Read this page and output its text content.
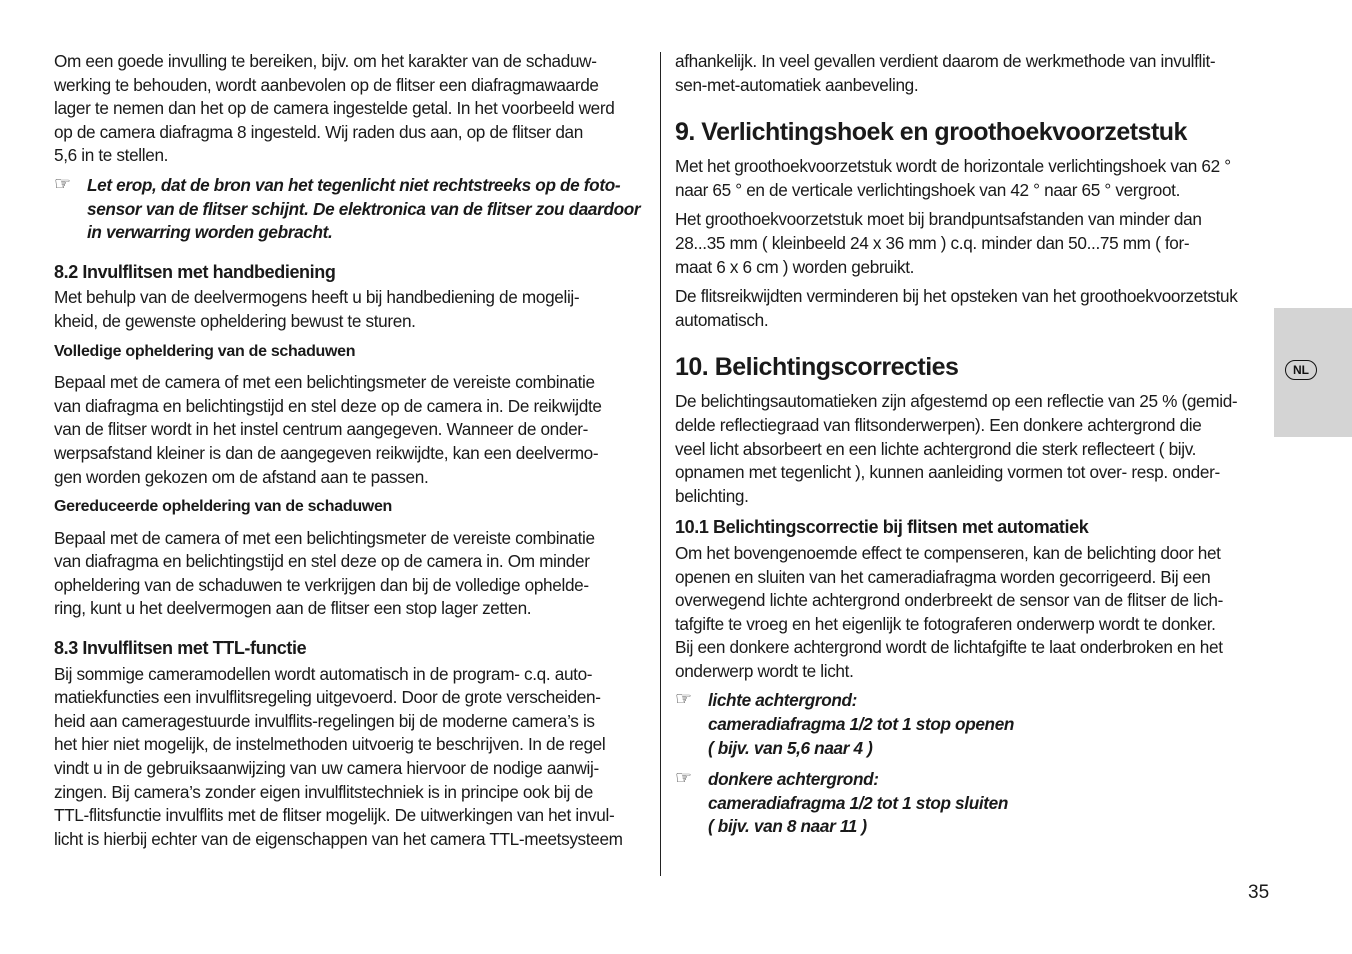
NL

Om een goede invulling te bereiken, bijv. om het karakter van de schaduw-
werking te behouden, wordt aanbevolen op de flitser een diafragmawaarde
lager te nemen dan het op de camera ingestelde getal. In het voorbeeld werd
op de camera diafragma 8 ingesteld. Wij raden dus aan, op de flitser dan
5,6 in te stellen.

☞ Let erop, dat de bron van het tegenlicht niet rechtstreeks op de foto-
sensor van de flitser schijnt. De elektronica van de flitser zou daardoor
in verwarring worden gebracht.
8.2 Invulflitsen met handbediening

Met behulp van de deelvermogens heeft u bij handbediening de mogelij-
kheid, de gewenste opheldering bewust te sturen.

Volledige opheldering van de schaduwen

Bepaal met de camera of met een belichtingsmeter de vereiste combinatie
van diafragma en belichtingstijd en stel deze op de camera in. De reikwijdte
van de flitser wordt in het instel centrum aangegeven. Wanneer de onder-
werpsafstand kleiner is dan de aangegeven reikwijdte, kan een deelvermo-
gen worden gekozen om de afstand aan te passen.

Gereduceerde opheldering van de schaduwen

Bepaal met de camera of met een belichtingsmeter de vereiste combinatie
van diafragma en belichtingstijd en stel deze op de camera in. Om minder
opheldering van de schaduwen te verkrijgen dan bij de volledige ophelde-
ring, kunt u het deelvermogen aan de flitser een stop lager zetten.

8.3 Invulflitsen met TTL-functie

Bij sommige cameramodellen wordt automatisch in de program- c.q. auto-
matiekfuncties een invulflitsregeling uitgevoerd. Door de grote verscheiden-
heid aan cameragestuurde invulflits-regelingen bij de moderne camera’s is
het hier niet mogelijk, de instelmethoden uitvoerig te beschrijven. In de regel
vindt u in de gebruiksaanwijzing van uw camera hiervoor de nodige aanwij-
zingen. Bij camera’s zonder eigen invulflitstechniek is in principe ook bij de
TTL-flitsfunctie invulflits met de flitser mogelijk. De uitwerkingen van het invul-
licht is hierbij echter van de eigenschappen van het camera TTL-meetsysteem

afhankelijk. In veel gevallen verdient daarom de werkmethode van invulflit-
sen-met-automatiek aanbeveling.

9. Verlichtingshoek en groothoekvoorzetstuk

Met het groothoekvoorzetstuk wordt de horizontale verlichtingshoek van 62 °
naar 65 ° en de verticale verlichtingshoek van 42 ° naar 65 ° vergroot.

Het groothoekvoorzetstuk moet bij brandpuntsafstanden van minder dan
28...35 mm ( kleinbeeld 24 x 36 mm ) c.q. minder dan 50...75 mm ( for-
maat 6 x 6 cm ) worden gebruikt.

De flitsreikwijdten verminderen bij het opsteken van het groothoekvoorzetstuk
automatisch.

10. Belichtingscorrecties

De belichtingsautomatieken zijn afgestemd op een reflectie van 25 % (gemid-
delde reflectiegraad van flitsonderwerpen). Een donkere achtergrond die
veel licht absorbeert en een lichte achtergrond die sterk reflecteert ( bijv.
opnamen met tegenlicht ), kunnen aanleiding vormen tot over- resp. onder-
belichting.

10.1 Belichtingscorrectie bij flitsen met automatiek

Om het bovengenoemde effect te compenseren, kan de belichting door het
openen en sluiten van het cameradiafragma worden gecorrigeerd. Bij een
overwegend lichte achtergrond onderbreekt de sensor van de flitser de lich-
tafgifte te vroeg en het eigenlijk te fotograferen onderwerp wordt te donker.
Bij een donkere achtergrond wordt de lichtafgifte te laat onderbroken en het
onderwerp wordt te licht.

☞ lichte achtergrond:
cameradiafragma 1/2 tot 1 stop openen
( bijv. van 5,6 naar 4 )
☞ donkere achtergrond:
cameradiafragma 1/2 tot 1 stop sluiten
( bijv. van 8 naar 11 )
35
